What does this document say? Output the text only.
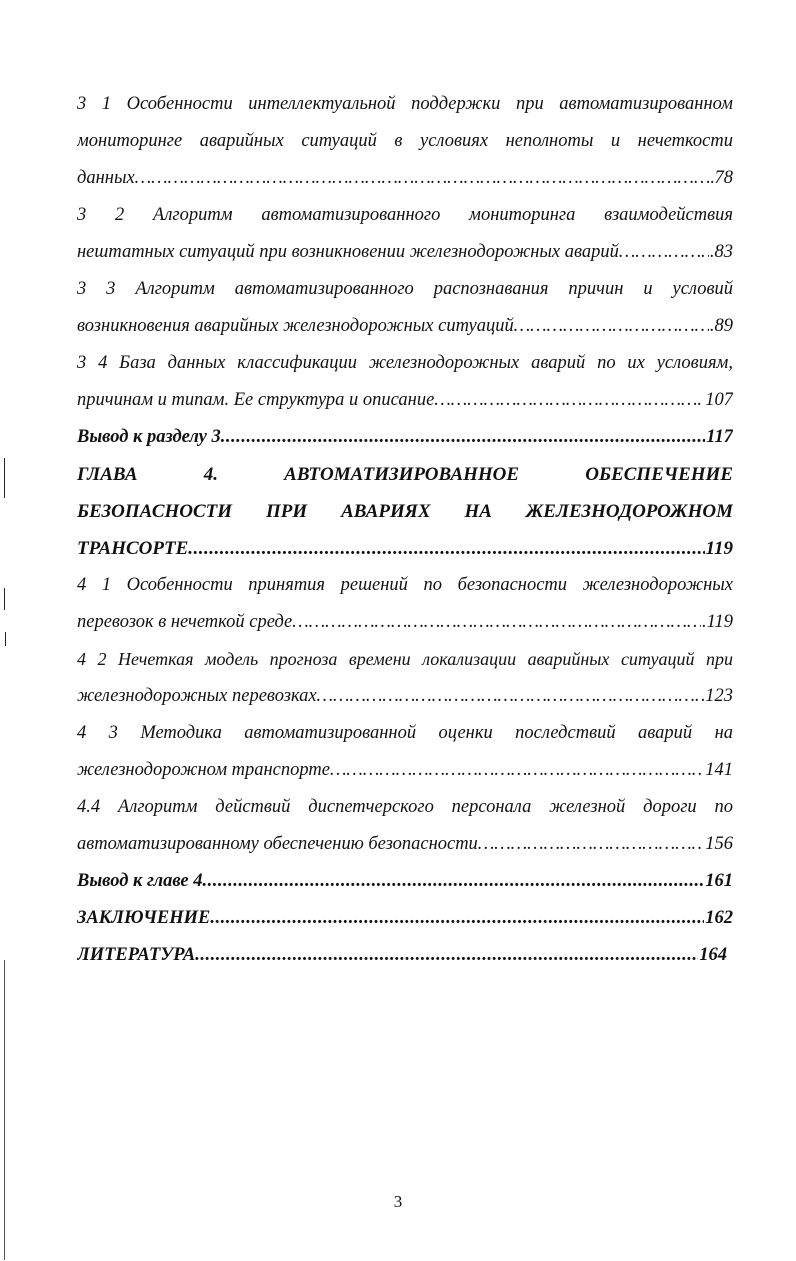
3 1 Особенности интеллектуальной поддержки при автоматизированном
мониторинге аварийных ситуаций в условиях неполноты и нечеткости
данных …………………………………………………………………………………………………………………………………………………………………………………………	78
3 2 Алгоритм автоматизированного мониторинга взаимодействия
нештатных ситуаций при возникновении железнодорожных аварий …………………………………………………………………………………………………………………………………………………………………………………………	.83
3 3 Алгоритм автоматизированного распознавания причин и условий
возникновения аварийных железнодорожных ситуаций …………………………………………………………………………………………………………………………………………………………………………………………	.89
3 4 База данных классификации железнодорожных аварий по их условиям,
причинам и типам. Ее структура и описание …………………………………………………………………………………………………………………………………………………………………………………………	107
Вывод к разделу 3 .....	117
ГЛАВА 4. АВТОМАТИЗИРОВАННОЕ ОБЕСПЕЧЕНИЕ
БЕЗОПАСНОСТИ ПРИ АВАРИЯХ НА ЖЕЛЕЗНОДОРОЖНОМ
ТРАНСОРТЕ .....	119
4 1 Особенности принятия решений по безопасности железнодорожных
перевозок в нечеткой среде …………………………………………………………………………………………………………………………………………………………………………………………	.119
4 2 Нечеткая модель прогноза времени локализации аварийных ситуаций при
железнодорожных перевозках …………………………………………………………………………………………………………………………………………………………………………………………	123
4 3 Методика автоматизированной оценки последствий аварий на
железнодорожном транспорте …………………………………………………………………………………………………………………………………………………………………………………………	141
4.4 Алгоритм действий диспетчерского персонала железной дороги по
автоматизированному обеспечению безопасности …………………………………………………………………………………………………………………………………………………………………………………………	156
Вывод к главе 4 .....	161
ЗАКЛЮЧЕНИЕ .....	162
ЛИТЕРАТУРА .....	164
3
